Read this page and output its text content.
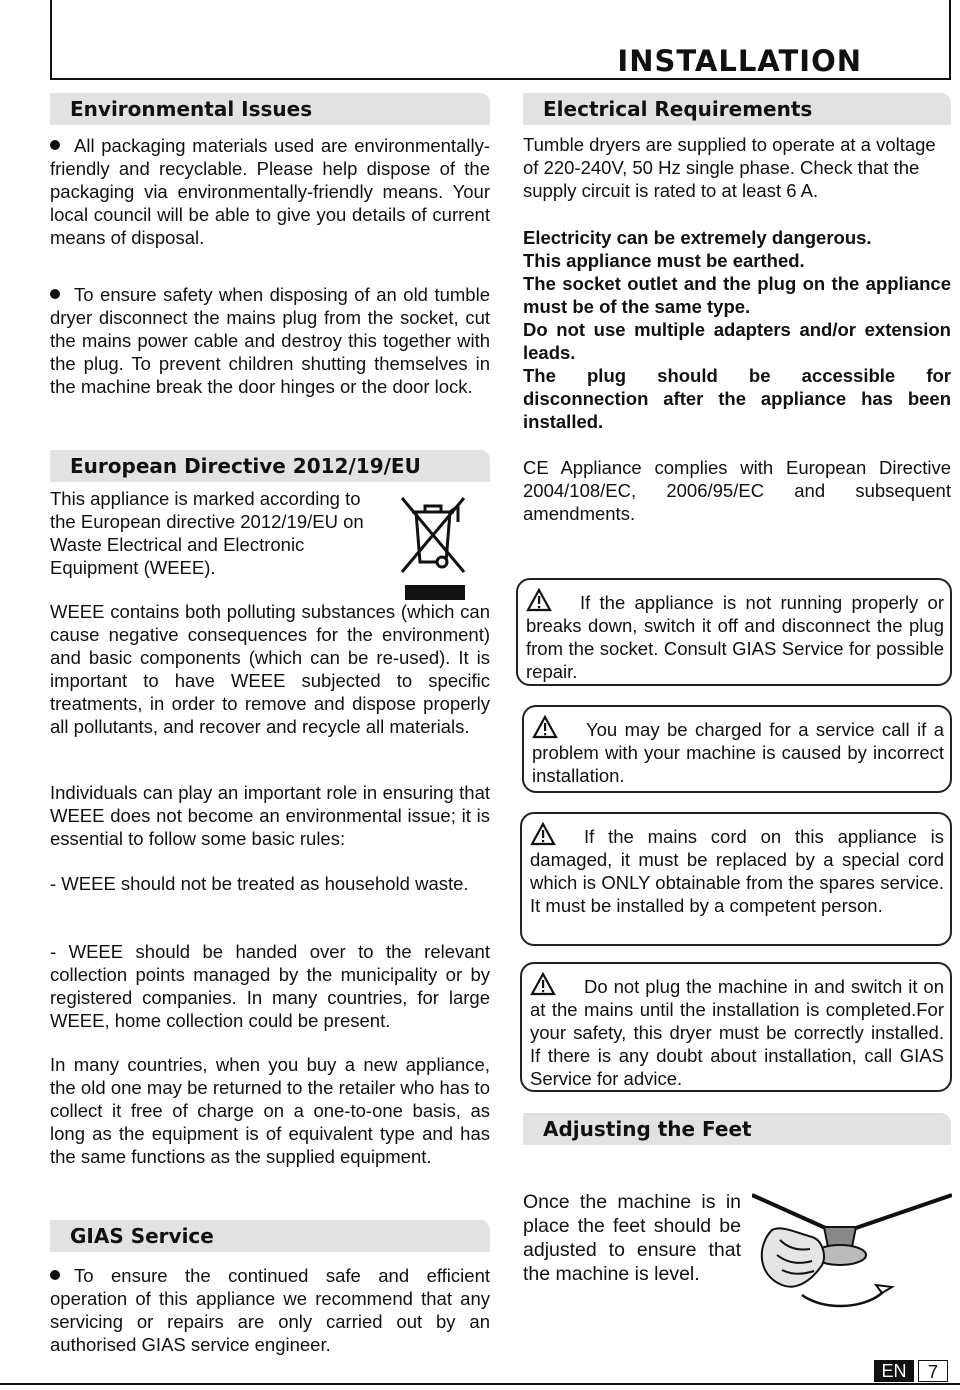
INSTALLATION
Environmental Issues

All packaging materials used are environmentally-friendly and recyclable. Please help dispose of the packaging via environmentally-friendly means. Your local council will be able to give you details of current means of disposal.

To ensure safety when disposing of an old tumble dryer disconnect the mains plug from the socket, cut the mains power cable and destroy this together with the plug. To prevent children shutting themselves in the machine break the door hinges or the door lock.

European Directive 2012/19/EU

This appliance is marked according to the European directive 2012/19/EU on Waste Electrical and Electronic Equipment (WEEE).

WEEE contains both polluting substances (which can cause negative consequences for the environment) and basic components (which can be re-used). It is important to have WEEE subjected to specific treatments, in order to remove and dispose properly all pollutants, and recover and recycle all materials.

Individuals can play an important role in ensuring that WEEE does not become an environmental issue; it is essential to follow some basic rules:

- WEEE should not be treated as household waste.

- WEEE should be handed over to the relevant collection points managed by the municipality or by registered companies. In many countries, for large WEEE, home collection could be present.

In many countries, when you buy a new appliance, the old one may be returned to the retailer who has to collect it free of charge on a one-to-one basis, as long as the equipment is of equivalent type and has the same functions as the supplied equipment.

GIAS Service

To ensure the continued safe and efficient operation of this appliance we recommend that any servicing or repairs are only carried out by an authorised GIAS service engineer.

Electrical Requirements

Tumble dryers are supplied to operate at a voltage of 220-240V, 50 Hz single phase. Check that the supply circuit is rated to at least 6 A.

Electricity can be extremely dangerous.

This appliance must be earthed.

The socket outlet and the plug on the appliance must be of the same type.

Do not use multiple adapters and/or extension leads.

The plug should be accessible for disconnection after the appliance has been installed.

CE Appliance complies with European Directive 2004/108/EC, 2006/95/EC and subsequent amendments.

If the appliance is not running properly or breaks down, switch it off and disconnect the plug from the socket. Consult GIAS Service for possible repair.

You may be charged for a service call if a problem with your machine is caused by incorrect installation.

If the mains cord on this appliance is damaged, it must be replaced by a special cord which is ONLY obtainable from the spares service. It must be installed by a competent person.

Do not plug the machine in and switch it on at the mains until the installation is completed.For your safety, this dryer must be correctly installed. If there is any doubt about installation, call GIAS Service for advice.

Adjusting the Feet

Once the machine is in place the feet should be adjusted to ensure that the machine is level.

EN	7
